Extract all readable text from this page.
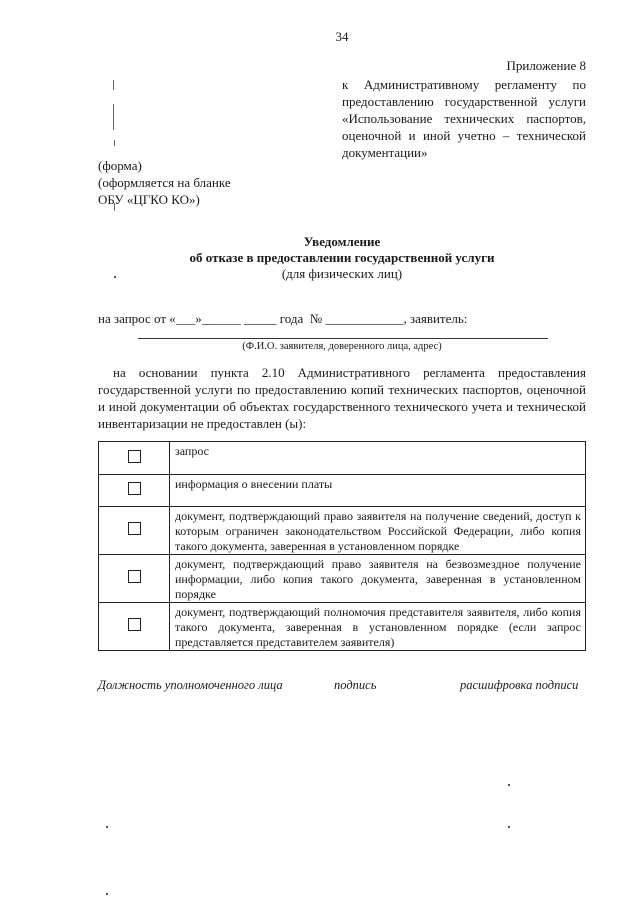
34
Приложение 8
к Административному регламенту по предоставлению государственной услуги «Использование технических паспортов, оценочной и иной учетно – технической документации»
(форма)
(оформляется на бланке
ОБУ «ЦГКО КО»)
Уведомление
об отказе в предоставлении государственной услуги
(для физических лиц)
на запрос от «___»______ _____ года  № ____________, заявитель:
(Ф.И.О. заявителя, доверенного лица, адрес)
на основании пункта 2.10 Административного регламента предоставления государственной услуги по предоставлению копий технических паспортов, оценочной и иной документации об объектах государственного технического учета и технической инвентаризации не предоставлен (ы):
	запрос
	информация о внесении платы
	документ, подтверждающий право заявителя на получение сведений, доступ к которым ограничен законодательством Российской Федерации, либо копия такого документа, заверенная в установленном порядке
	документ, подтверждающий право заявителя на безвозмездное получение информации, либо копия такого документа, заверенная в установленном порядке
	документ, подтверждающий полномочия представителя заявителя, либо копия такого документа, заверенная в установленном порядке (если запрос представляется представителем заявителя)
Должность уполномоченного лица	подпись	расшифровка подписи
